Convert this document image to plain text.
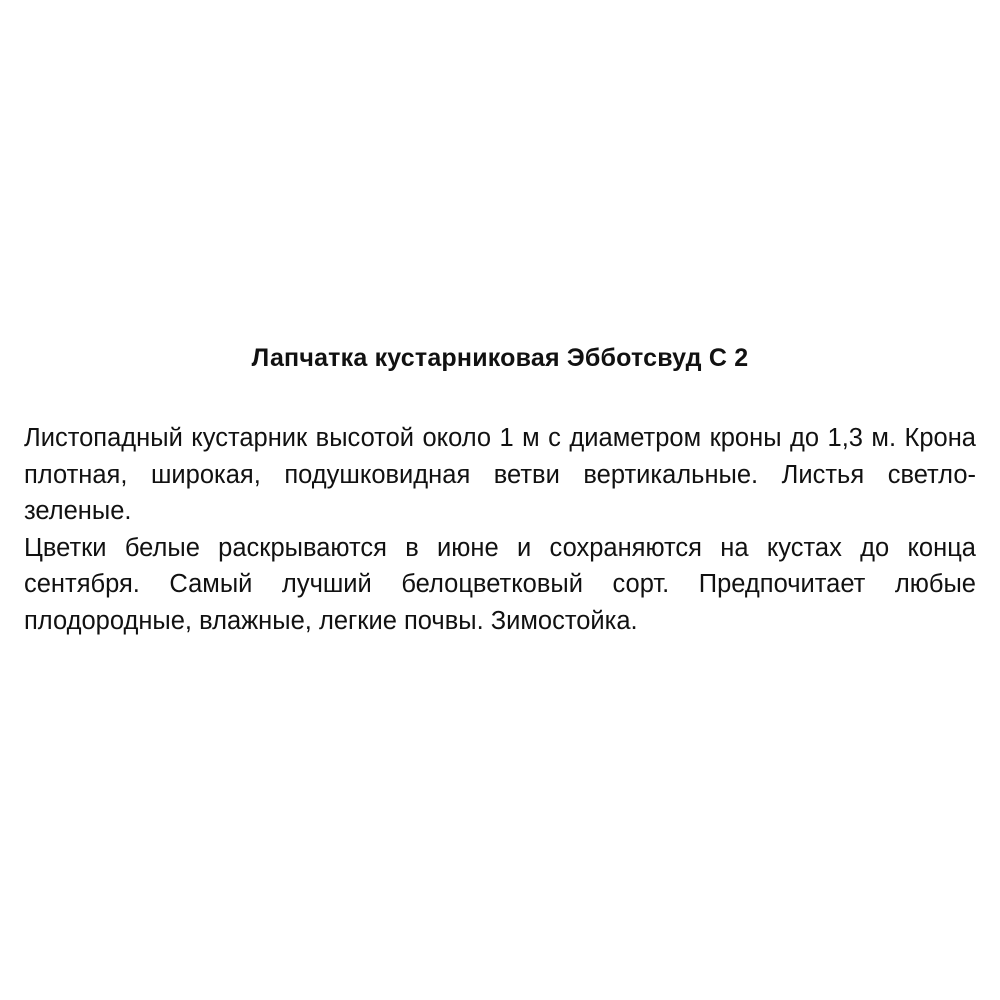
Лапчатка кустарниковая Эбботсвуд С 2

Листопадный кустарник высотой около 1 м с диаметром кроны до 1,3 м. Крона плотная, широкая, подушковидная ветви вертикальные. Листья светло-зеленые.

Цветки белые раскрываются в июне и сохраняются на кустах до конца сентября. Самый лучший белоцветковый сорт. Предпочитает любые плодородные, влажные, легкие почвы. Зимостойка.
